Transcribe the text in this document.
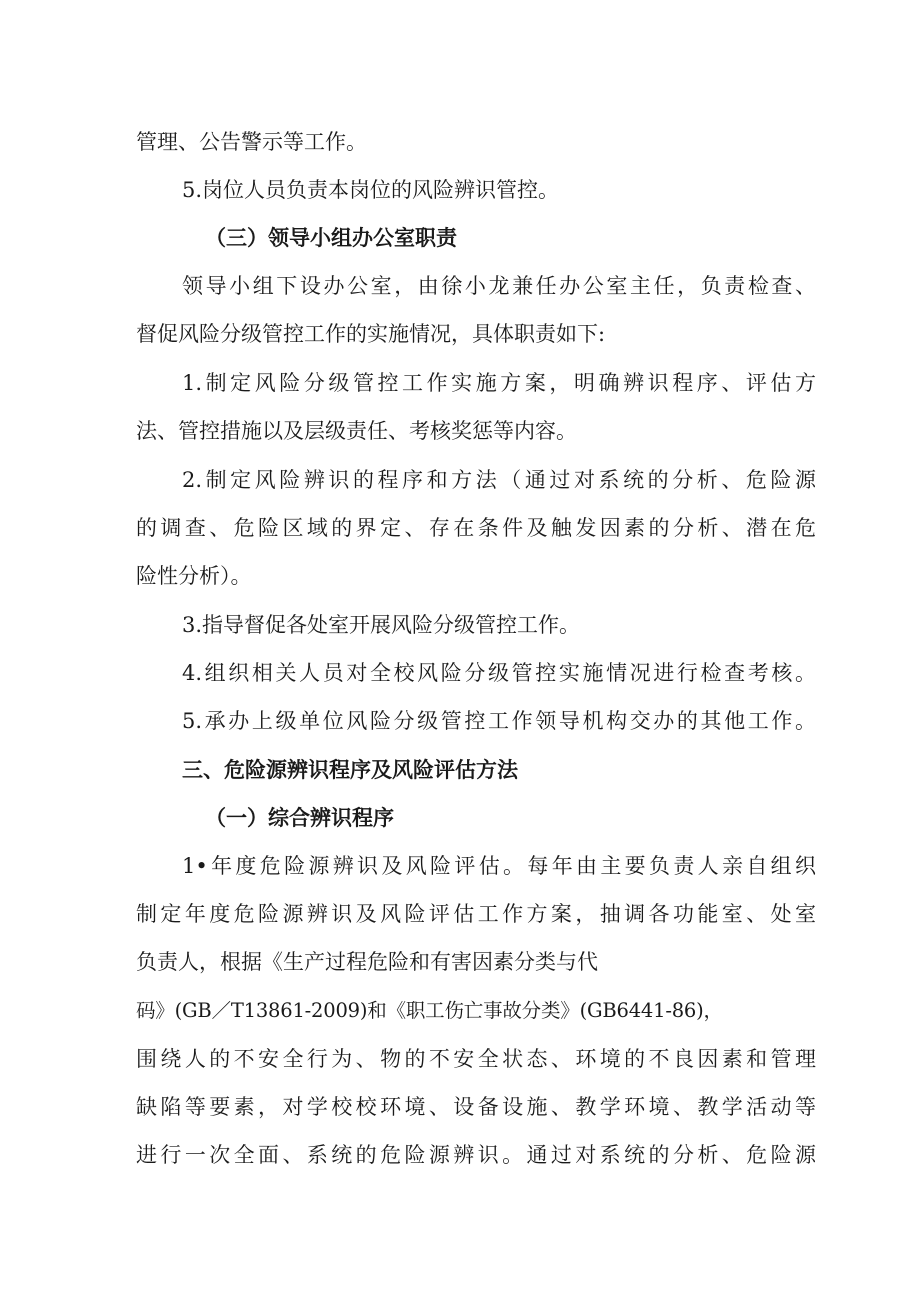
管理、公告警示等工作。
5.岗位人员负责本岗位的风险辨识管控。
（三）领导小组办公室职责
领导小组下设办公室，由徐小龙兼任办公室主任，负责检查、
督促风险分级管控工作的实施情况，具体职责如下:
1.制定风险分级管控工作实施方案，明确辨识程序、评估方
法、管控措施以及层级责任、考核奖惩等内容。
2.制定风险辨识的程序和方法（通过对系统的分析、危险源
的调查、危险区域的界定、存在条件及触发因素的分析、潜在危
险性分析）。
3.指导督促各处室开展风险分级管控工作。
4.组织相关人员对全校风险分级管控实施情况进行检查考核。
5.承办上级单位风险分级管控工作领导机构交办的其他工作。
三、危险源辨识程序及风险评估方法
（一）综合辨识程序
1•年度危险源辨识及风险评估。每年由主要负责人亲自组织
制定年度危险源辨识及风险评估工作方案，抽调各功能室、处室
负责人，根据《生产过程危险和有害因素分类与代
码》(GB／T13861-2009)和《职工伤亡事故分类》(GB6441-86)，
围绕人的不安全行为、物的不安全状态、环境的不良因素和管理
缺陷等要素，对学校校环境、设备设施、教学环境、教学活动等
进行一次全面、系统的危险源辨识。通过对系统的分析、危险源
